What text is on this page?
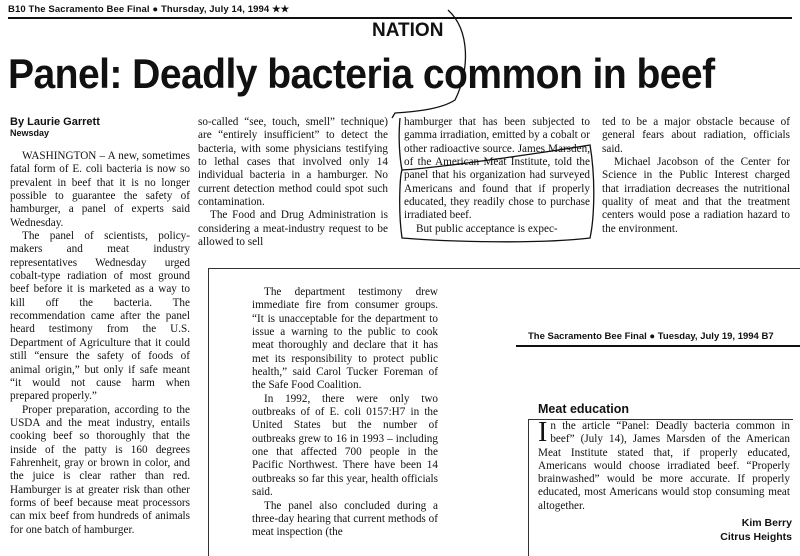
B10 The Sacramento Bee Final ● Thursday, July 14, 1994 ★★
NATION
Panel: Deadly bacteria common in beef
By Laurie Garrett
Newsday

WASHINGTON – A new, sometimes fatal form of E. coli bacteria is now so prevalent in beef that it is no longer possible to guarantee the safety of hamburger, a panel of experts said Wednesday.

The panel of scientists, policy-makers and meat industry representatives Wednesday urged cobalt-type radiation of most ground beef before it is marketed as a way to kill off the bacteria. The recommendation came after the panel heard testimony from the U.S. Department of Agriculture that it could still “ensure the safety of foods of animal origin,” but only if safe meant “it would not cause harm when prepared properly.”

Proper preparation, according to the USDA and the meat industry, entails cooking beef so thoroughly that the inside of the patty is 160 degrees Fahrenheit, gray or brown in color, and the juice is clear rather than red. Hamburger is at greater risk than other forms of beef because meat processors can mix beef from hundreds of animals for one batch of hamburger.

so-called “see, touch, smell” technique) are “entirely insufficient” to detect the bacteria, with some physicians testifying to lethal cases that involved only 14 individual bacteria in a hamburger. No current detection method could spot such contamination.

The Food and Drug Administration is considering a meat-industry request to be allowed to sell

hamburger that has been subjected to gamma irradiation, emitted by a cobalt or other radioactive source. James Marsden, of the American Meat Institute, told the panel that his organization had surveyed Americans and found that if properly educated, they readily chose to purchase irradiated beef.

But public acceptance is expec-

ted to be a major obstacle because of general fears about radiation, officials said.

Michael Jacobson of the Center for Science in the Public Interest charged that irradiation decreases the nutritional quality of meat and that the treatment centers would pose a radiation hazard to the environment.

The department testimony drew immediate fire from consumer groups. “It is unacceptable for the department to issue a warning to the public to cook meat thoroughly and declare that it has met its responsibility to protect public health,” said Carol Tucker Foreman of the Safe Food Coalition.

In 1992, there were only two outbreaks of of E. coli 0157:H7 in the United States but the number of outbreaks grew to 16 in 1993 – including one that affected 700 people in the Pacific Northwest. There have been 14 outbreaks so far this year, health officials said.

The panel also concluded during a three-day hearing that current methods of meat inspection (the

The Sacramento Bee Final ● Tuesday, July 19, 1994 B7
Meat education
In the article “Panel: Deadly bacteria common in beef” (July 14), James Marsden of the American Meat Institute stated that, if properly educated, Americans would choose irradiated beef. “Properly brainwashed” would be more accurate. If properly educated, most Americans would stop consuming meat altogether.
Kim Berry
Citrus Heights
